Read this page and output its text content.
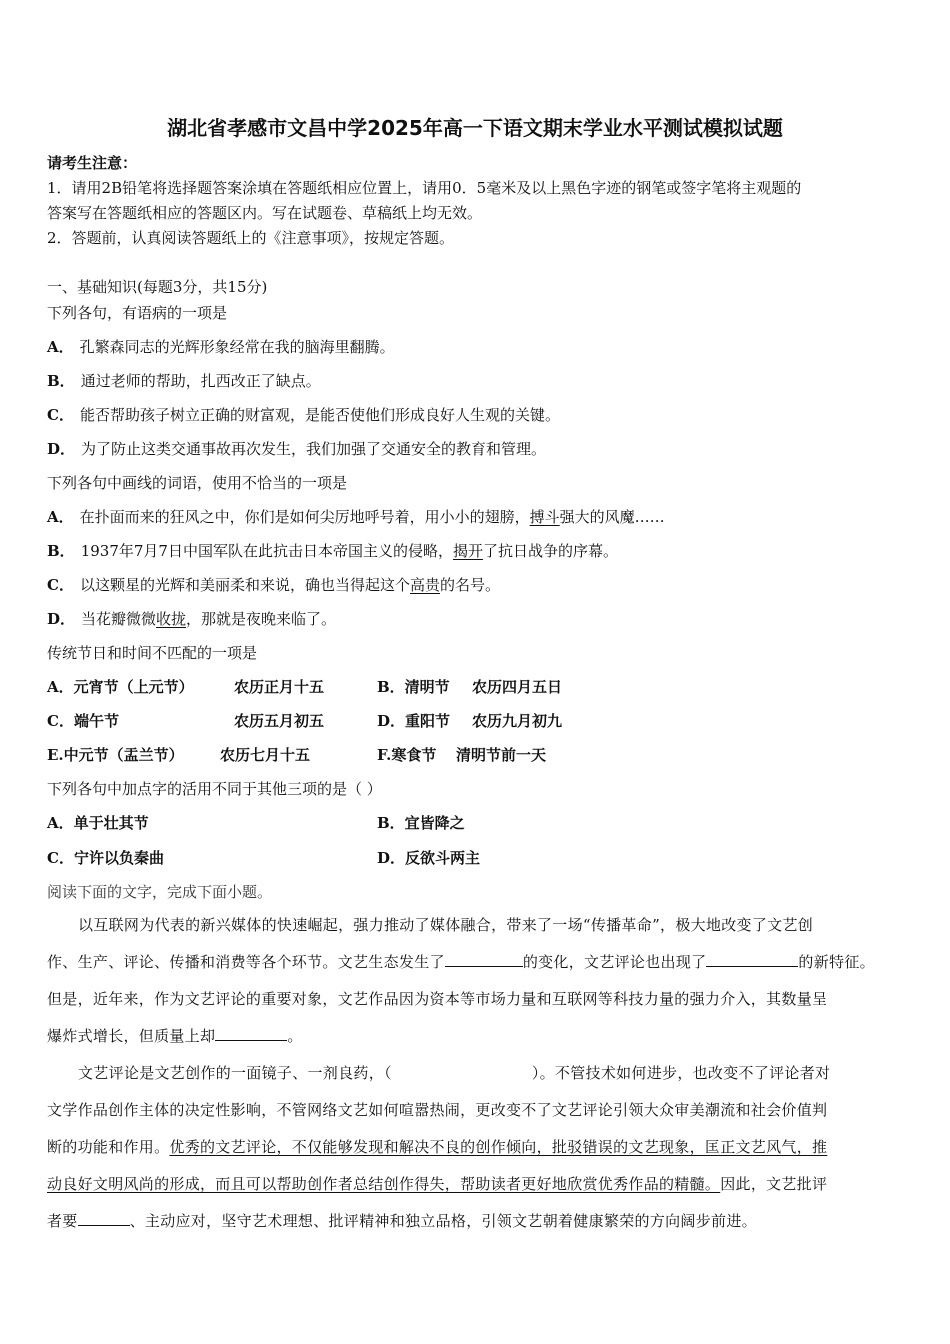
湖北省孝感市文昌中学2025年高一下语文期末学业水平测试模拟试题
请考生注意：
1．请用2B铅笔将选择题答案涂填在答题纸相应位置上，请用0．5毫米及以上黑色字迹的钢笔或签字笔将主观题的
答案写在答题纸相应的答题区内。写在试题卷、草稿纸上均无效。
2．答题前，认真阅读答题纸上的《注意事项》，按规定答题。
一、基础知识(每题3分，共15分)
下列各句，有语病的一项是
A． 孔繁森同志的光辉形象经常在我的脑海里翻腾。
B． 通过老师的帮助，扎西改正了缺点。
C． 能否帮助孩子树立正确的财富观，是能否使他们形成良好人生观的关键。
D． 为了防止这类交通事故再次发生，我们加强了交通安全的教育和管理。
下列各句中画线的词语，使用不恰当的一项是
A． 在扑面而来的狂风之中，你们是如何尖厉地呼号着，用小小的翅膀，搏斗强大的风魔……
B． 1937年7月7日中国军队在此抗击日本帝国主义的侵略，揭开了抗日战争的序幕。
C． 以这颗星的光辉和美丽柔和来说，确也当得起这个高贵的名号。
D． 当花瓣微微收拢，那就是夜晚来临了。
传统节日和时间不匹配的一项是
A．元宵节（上元节）	农历正月十五	B．清明节 农历四月五日
C．端午节	农历五月初五	D．重阳节 农历九月初九
E.中元节（盂兰节） 农历七月十五	F.寒食节 清明节前一天
下列各句中加点字的活用不同于其他三项的是（ ）
A．单于壮其节	B．宜皆降之
C．宁许以负秦曲	D．反欲斗两主
阅读下面的文字，完成下面小题。
以互联网为代表的新兴媒体的快速崛起，强力推动了媒体融合，带来了一场“传播革命”，极大地改变了文艺创
作、生产、评论、传播和消费等各个环节。文艺生态发生了	的变化，文艺评论也出现了	的新特征。
但是，近年来，作为文艺评论的重要对象，文艺作品因为资本等市场力量和互联网等科技力量的强力介入，其数量呈
爆炸式增长，但质量上却	。
文艺评论是文艺创作的一面镜子、一剂良药，（	）。不管技术如何进步，也改变不了评论者对
文学作品创作主体的决定性影响，不管网络文艺如何喧嚣热闹，更改变不了文艺评论引领大众审美潮流和社会价值判
断的功能和作用。优秀的文艺评论，不仅能够发现和解决不良的创作倾向，批驳错误的文艺现象，匡正文艺风气，推
动良好文明风尚的形成，而且可以帮助创作者总结创作得失，帮助读者更好地欣赏优秀作品的精髓。因此，文艺批评
者要	、主动应对，坚守艺术理想、批评精神和独立品格，引领文艺朝着健康繁荣的方向阔步前进。
